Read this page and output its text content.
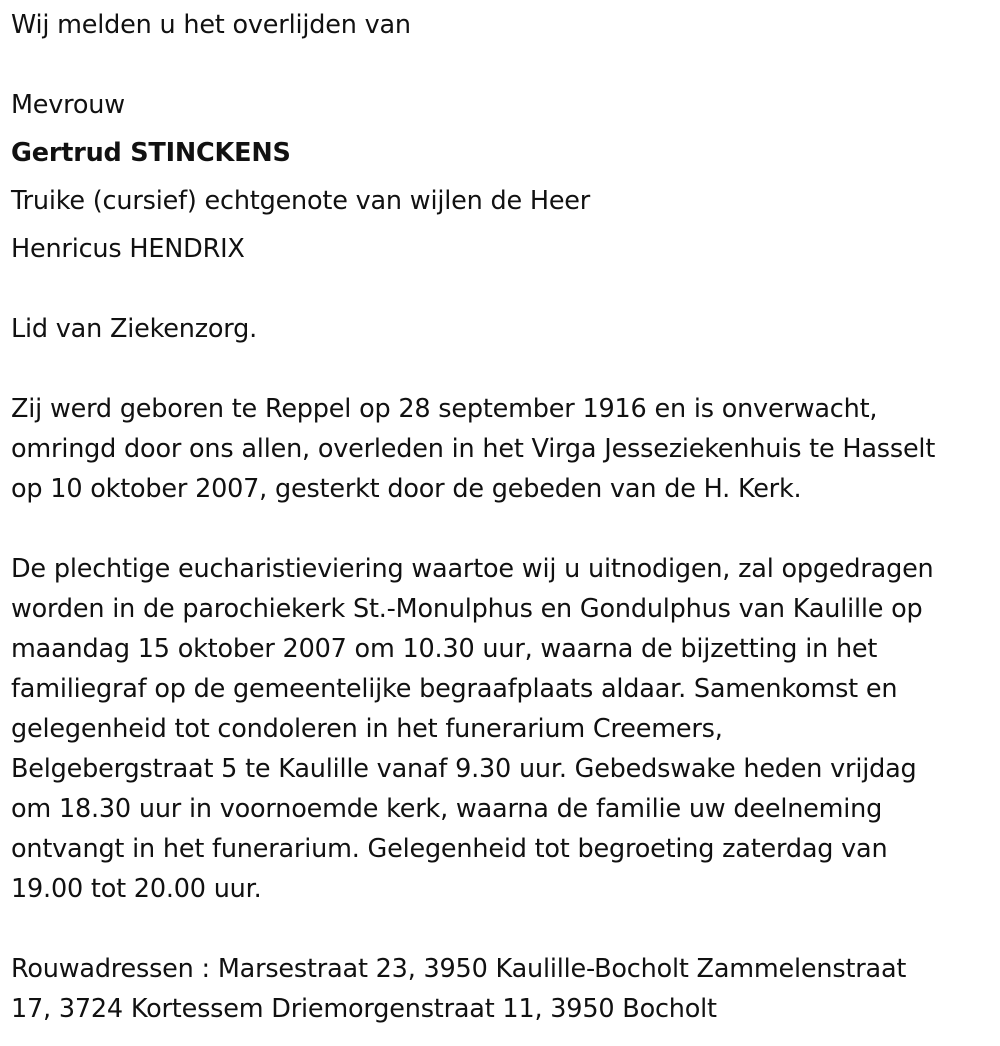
Wij melden u het overlijden van
Mevrouw
Gertrud STINCKENS
Truike (cursief) echtgenote van wijlen de Heer
Henricus HENDRIX
Lid van Ziekenzorg.
Zij werd geboren te Reppel op 28 september 1916 en is onverwacht,
omringd door ons allen, overleden in het Virga Jesseziekenhuis te Hasselt
op 10 oktober 2007, gesterkt door de gebeden van de H. Kerk.
De plechtige eucharistieviering waartoe wij u uitnodigen, zal opgedragen
worden in de parochiekerk St.-Monulphus en Gondulphus van Kaulille op
maandag 15 oktober 2007 om 10.30 uur, waarna de bijzetting in het
familiegraf op de gemeentelijke begraafplaats aldaar. Samenkomst en
gelegenheid tot condoleren in het funerarium Creemers,
Belgebergstraat 5 te Kaulille vanaf 9.30 uur. Gebedswake heden vrijdag
om 18.30 uur in voornoemde kerk, waarna de familie uw deelneming
ontvangt in het funerarium. Gelegenheid tot begroeting zaterdag van
19.00 tot 20.00 uur.
Rouwadressen : Marsestraat 23, 3950 Kaulille-Bocholt Zammelenstraat
17, 3724 Kortessem Driemorgenstraat 11, 3950 Bocholt
